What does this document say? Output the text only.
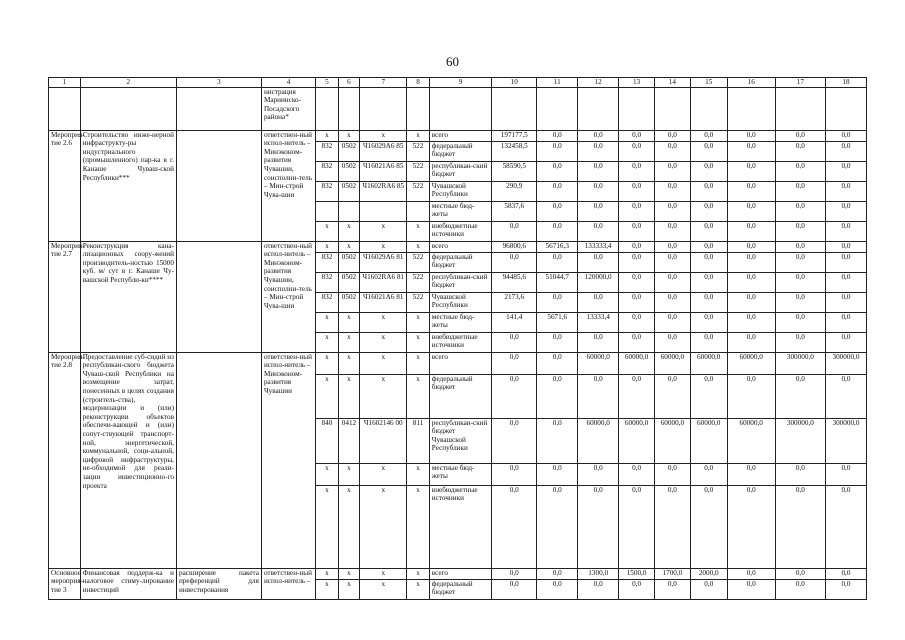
60
1	2	3	4	5	6	7	8	9	10	11	12	13	14	15	16	17	18
			нистрация Мариинско-Посадского района*														
Мероприя-тие 2.6	Строительство инже-нерной инфраструкту-ры индустриального (промышленного) пар-ка в г. Канаше Чуваш-ской Республики***		ответствен-ный испол-нитель – Минэконом-развития Чувашии, соисполни-тель – Мин-строй Чува-шии	x	x	x	x	всего	197177,5	0,0	0,0	0,0	0,0	0,0	0,0	0,0	0,0
				832	0502	Ч16029А6 85	522	федеральный бюджет	132458,5	0,0	0,0	0,0	0,0	0,0	0,0	0,0	0,0
				832	0502	Ч16021А6 85	522	республикан-ский бюджет	58590,5	0,0	0,0	0,0	0,0	0,0	0,0	0,0	0,0
				832	0502	Ч1602RА6 85	522	Чувашской Республики	290,9	0,0	0,0	0,0	0,0	0,0	0,0	0,0	0,0
								местные бюд-жеты	5837,6	0,0	0,0	0,0	0,0	0,0	0,0	0,0	0,0
				x	x	x	x	внебюджетные источники	0,0	0,0	0,0	0,0	0,0	0,0	0,0	0,0	0,0
Мероприя-тие 2.7	Реконструкция кана-лизационных соору-жений производитель-ностью 15000 куб. м/ сут в г. Канаше Чу-вашской Республи-ки****		ответствен-ный испол-нитель – Минэконом-развития Чувашии, соисполни-тель – Мин-строй Чува-шии	x	x	x	x	всего	96800,6	56716,3	133333,4	0,0	0,0	0,0	0,0	0,0	0,0
				832	0502	Ч16029А6 81	522	федеральный бюджет	0,0	0,0	0,0	0,0	0,0	0,0	0,0	0,0	0,0
				832	0502	Ч1602RА6 81	522	республикан-ский бюджет	94485,6	51044,7	120000,0	0,0	0,0	0,0	0,0	0,0	0,0
				832	0502	Ч16021А6 81	522	Чувашской Республики	2173,6	0,0	0,0	0,0	0,0	0,0	0,0	0,0	0,0
				x	x	x	x	местные бюд-жеты	141,4	5671,6	13333,4	0,0	0,0	0,0	0,0	0,0	0,0
				x	x	x	x	внебюджетные источники	0,0	0,0	0,0	0,0	0,0	0,0	0,0	0,0	0,0
Мероприя-тие 2.8	Предоставление суб-сидий из республикан-ского бюджета Чуваш-ской Республики на возмещение затрат, понесенных в целях создания (строитель-ства), модернизации и (или) реконструкции объектов обеспечи-вающей и (или) сопут-ствующей транспорт-ной, энергетической, коммунальной, соци-альной, цифровой инфраструктуры, не-обходимой для реали-зации инвестиционно-го проекта		ответствен-ный испол-нитель – Минэконом-развития Чувашии	x	x	x	x	всего	0,0	0,0	60000,0	60000,0	60000,0	60000,0	60000,0	300000,0	300000,0
				x	x	x	x	федеральный бюджет	0,0	0,0	0,0	0,0	0,0	0,0	0,0	0,0	0,0
				840	0412	Ч1602146 00	811	республикан-ский бюджет Чувашской Республики	0,0	0,0	60000,0	60000,0	60000,0	60000,0	60000,0	300000,0	300000,0
				x	x	x	x	местные бюд-жеты	0,0	0,0	0,0	0,0	0,0	0,0	0,0	0,0	0,0
				x	x	x	x	внебюджетные источники	0,0	0,0	0,0	0,0	0,0	0,0	0,0	0,0	0,0
Основное мероприя-тие 3	Финансовая поддерж-ка и налоговое стиму-лирование инвестиций	расширение пакета преференций для инвестирования	ответствен-ный испол-нитель –	x	x	x	x	всего	0,0	0,0	1300,0	1500,0	1700,0	2000,0	0,0	0,0	0,0
				x	x	x	x	федеральный бюджет	0,0	0,0	0,0	0,0	0,0	0,0	0,0	0,0	0,0
